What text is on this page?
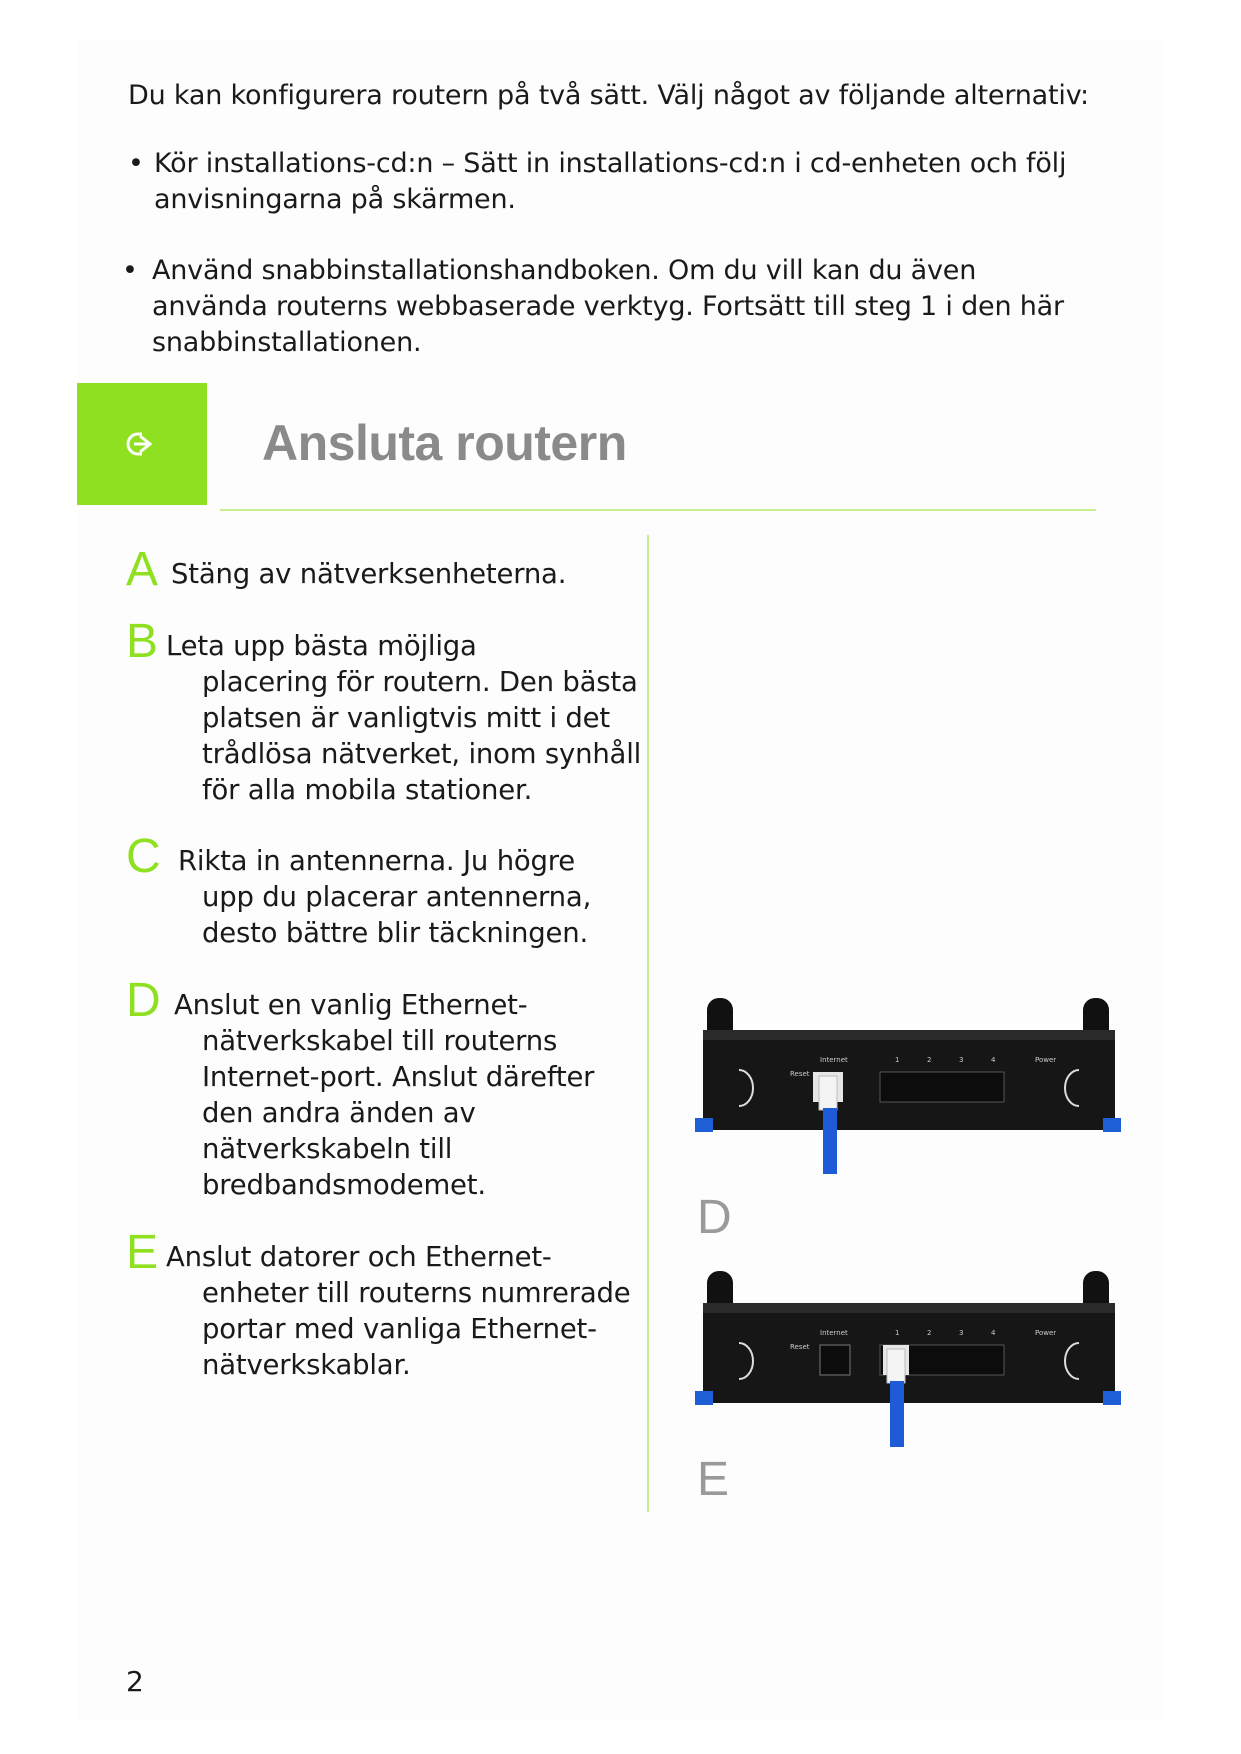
Du kan konfigurera routern på två sätt. Välj något av följande alternativ:

• Kör installations-cd:n – Sätt in installations-cd:n i cd-enheten och följ anvisningarna på skärmen.
• Använd snabbinstallationshandboken. Om du vill kan du även använda routerns webbaserade verktyg. Fortsätt till steg 1 i den här snabbinstallationen.
Ansluta routern
A Stäng av nätverksenheterna.
B Leta upp bästa möjliga
placering för routern. Den bästa platsen är vanligtvis mitt i det trådlösa nätverket, inom synhåll för alla mobila stationer.
C Rikta in antennerna. Ju högre
upp du placerar antennerna, desto bättre blir täckningen.
D Anslut en vanlig Ethernet-
nätverkskabel till routerns Internet-port. Anslut därefter den andra änden av nätverkskabeln till bredbandsmodemet.
E Anslut datorer och Ethernet-
enheter till routerns numrerade portar med vanliga Ethernet-nätverkskablar.
Reset
Internet	1	2	3	4	Power
D
Reset
Internet	1	2	3	4	Power
E
2
